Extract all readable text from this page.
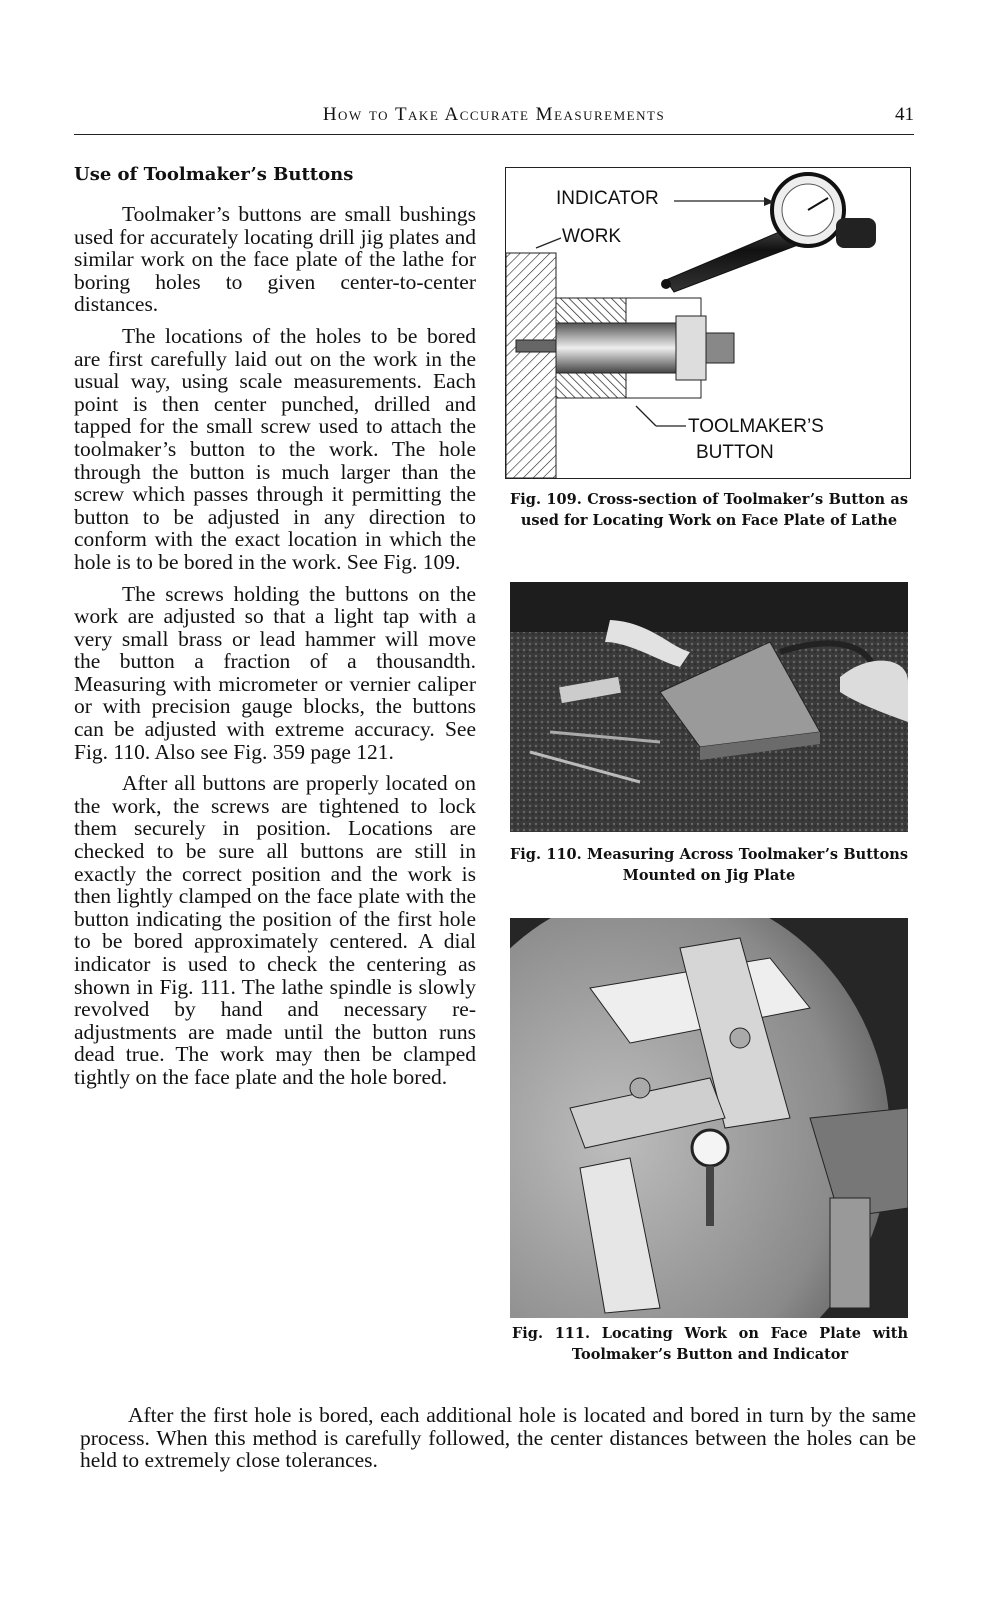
How to Take Accurate Measurements	41
Use of Toolmaker’s Buttons

Toolmaker’s buttons are small bushings used for accurately locating drill jig plates and similar work on the face plate of the lathe for boring holes to given center-to-center distances.

The locations of the holes to be bored are first carefully laid out on the work in the usual way, using scale measurements. Each point is then center punched, drilled and tapped for the small screw used to attach the toolmaker’s button to the work. The hole through the button is much larger than the screw which passes through it permitting the button to be adjusted in any direction to conform with the exact location in which the hole is to be bored in the work. See Fig. 109.

The screws holding the buttons on the work are adjusted so that a light tap with a very small brass or lead hammer will move the button a fraction of a thousandth. Measuring with micrometer or vernier caliper or with precision gauge blocks, the buttons can be adjusted with extreme accuracy. See Fig. 110. Also see Fig. 359 page 121.

After all buttons are properly located on the work, the screws are tightened to lock them securely in position. Locations are checked to be sure all buttons are still in exactly the correct position and the work is then lightly clamped on the face plate with the button indicating the position of the first hole to be bored approximately centered. A dial indicator is used to check the centering as shown in Fig. 111. The lathe spindle is slowly revolved by hand and necessary re-adjustments are made until the button runs dead true. The work may then be clamped tightly on the face plate and the hole bored.

After the first hole is bored, each additional hole is located and bored in turn by the same process. When this method is carefully followed, the center distances between the holes can be held to extremely close tolerances.

INDICATOR
WORK
TOOLMAKER’S
BUTTON
Fig. 109. Cross-section of Toolmaker’s Button as used for Locating Work on Face Plate of Lathe
Fig. 110. Measuring Across Toolmaker’s Buttons Mounted on Jig Plate
Fig. 111. Locating Work on Face Plate with Toolmaker’s Button and Indicator
